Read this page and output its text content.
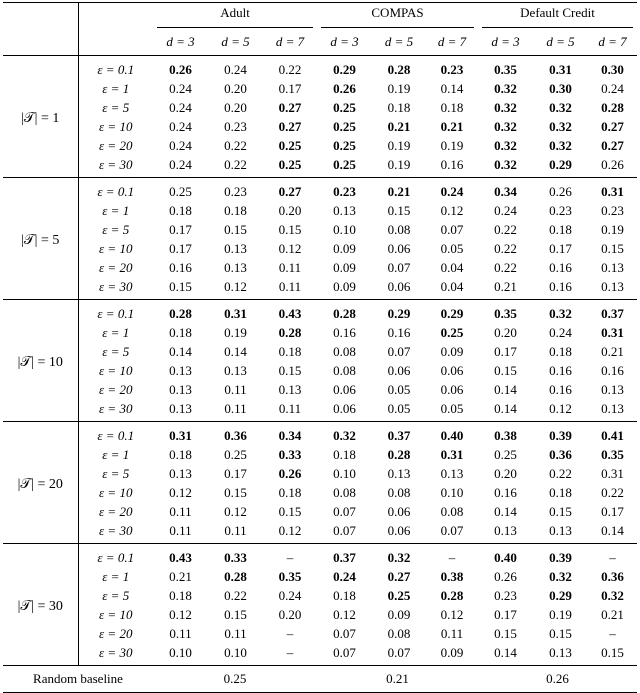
		Adult			COMPAS			Default Credit		

		d = 3	d = 5	d = 7	d = 3	d = 5	d = 7	d = 3	d = 5	d = 7
|𝒯| = 1	ε = 0.1	0.26	0.24	0.22	0.29	0.28	0.23	0.35	0.31	0.30
	ε = 1	0.24	0.20	0.17	0.26	0.19	0.14	0.32	0.30	0.24
	ε = 5	0.24	0.20	0.27	0.25	0.18	0.18	0.32	0.32	0.28
	ε = 10	0.24	0.23	0.27	0.25	0.21	0.21	0.32	0.32	0.27
	ε = 20	0.24	0.22	0.25	0.25	0.19	0.19	0.32	0.32	0.27
	ε = 30	0.24	0.22	0.25	0.25	0.19	0.16	0.32	0.29	0.26
|𝒯| = 5	ε = 0.1	0.25	0.23	0.27	0.23	0.21	0.24	0.34	0.26	0.31
	ε = 1	0.18	0.18	0.20	0.13	0.15	0.12	0.24	0.23	0.23
	ε = 5	0.17	0.15	0.15	0.10	0.08	0.07	0.22	0.18	0.19
	ε = 10	0.17	0.13	0.12	0.09	0.06	0.05	0.22	0.17	0.15
	ε = 20	0.16	0.13	0.11	0.09	0.07	0.04	0.22	0.16	0.13
	ε = 30	0.15	0.12	0.11	0.09	0.06	0.04	0.21	0.16	0.13
|𝒯| = 10	ε = 0.1	0.28	0.31	0.43	0.28	0.29	0.29	0.35	0.32	0.37
	ε = 1	0.18	0.19	0.28	0.16	0.16	0.25	0.20	0.24	0.31
	ε = 5	0.14	0.14	0.18	0.08	0.07	0.09	0.17	0.18	0.21
	ε = 10	0.13	0.13	0.15	0.08	0.06	0.06	0.15	0.16	0.16
	ε = 20	0.13	0.11	0.13	0.06	0.05	0.06	0.14	0.16	0.13
	ε = 30	0.13	0.11	0.11	0.06	0.05	0.05	0.14	0.12	0.13
|𝒯| = 20	ε = 0.1	0.31	0.36	0.34	0.32	0.37	0.40	0.38	0.39	0.41
	ε = 1	0.18	0.25	0.33	0.18	0.28	0.31	0.25	0.36	0.35
	ε = 5	0.13	0.17	0.26	0.10	0.13	0.13	0.20	0.22	0.31
	ε = 10	0.12	0.15	0.18	0.08	0.08	0.10	0.16	0.18	0.22
	ε = 20	0.11	0.12	0.15	0.07	0.06	0.08	0.14	0.15	0.17
	ε = 30	0.11	0.11	0.12	0.07	0.06	0.07	0.13	0.13	0.14
|𝒯| = 30	ε = 0.1	0.43	0.33	–	0.37	0.32	–	0.40	0.39	–
	ε = 1	0.21	0.28	0.35	0.24	0.27	0.38	0.26	0.32	0.36
	ε = 5	0.18	0.22	0.24	0.18	0.25	0.28	0.23	0.29	0.32
	ε = 10	0.12	0.15	0.20	0.12	0.09	0.12	0.17	0.19	0.21
	ε = 20	0.11	0.11	–	0.07	0.08	0.11	0.15	0.15	–
	ε = 30	0.10	0.10	–	0.07	0.07	0.09	0.14	0.13	0.15
Random baseline		0.25			0.21			0.26		
